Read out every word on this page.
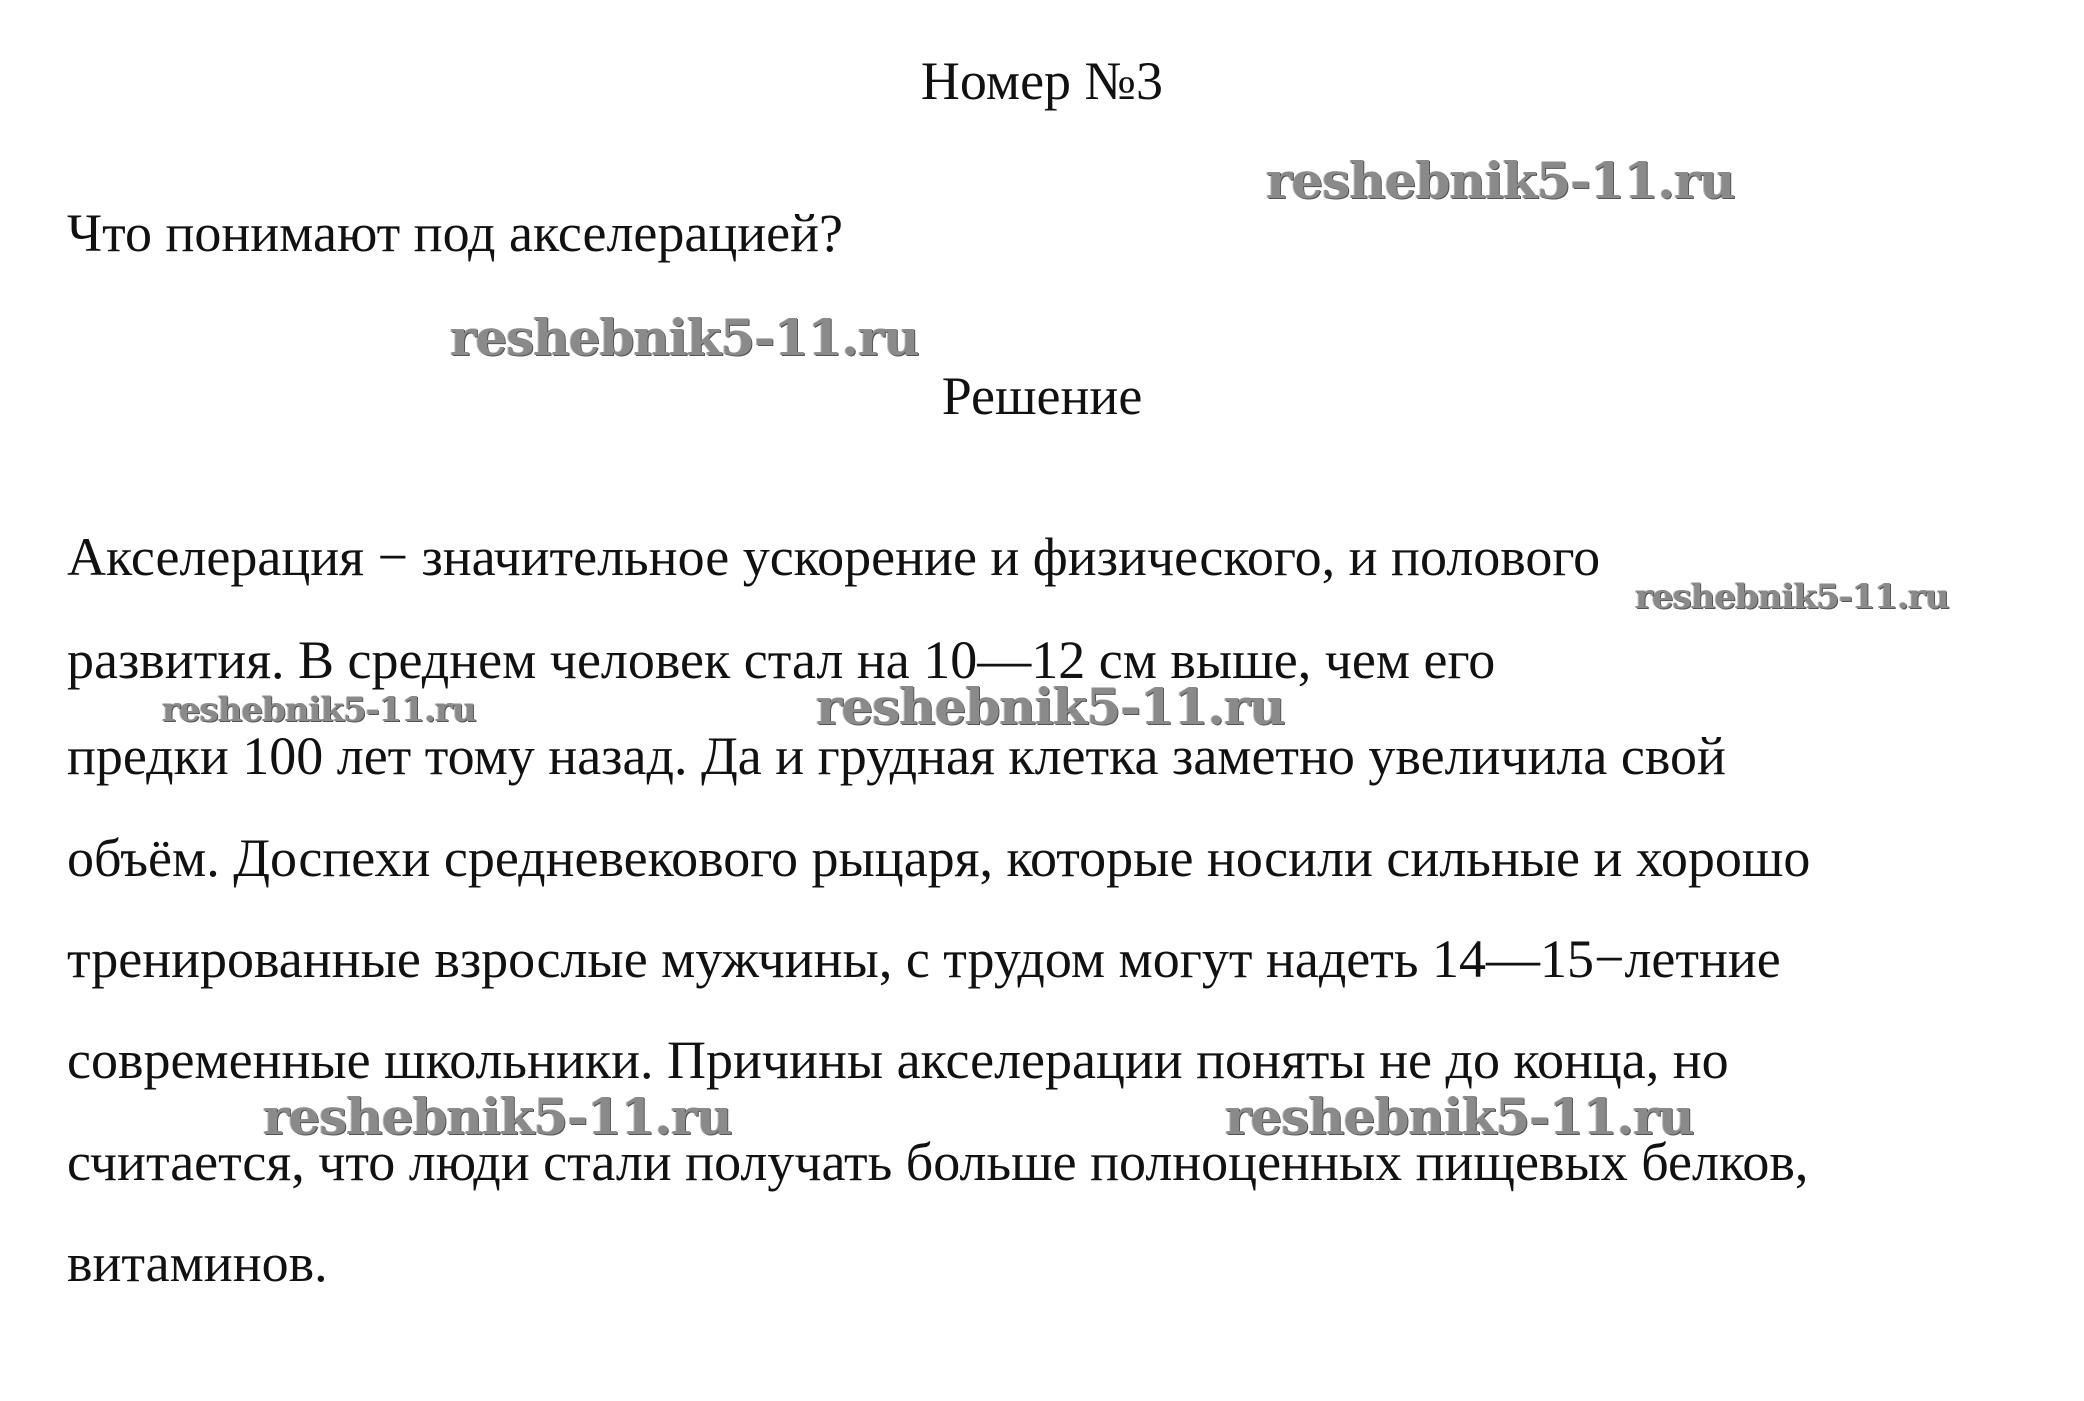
Номер №3
reshebnik5-11.ru
Что понимают под акселерацией?
reshebnik5-11.ru
Решение
Акселерация − значительное ускорение и физического, и полового
reshebnik5-11.ru
развития. В среднем человек стал на 10—12 см выше, чем его
reshebnik5-11.ru	reshebnik5-11.ru
предки 100 лет тому назад. Да и грудная клетка заметно увеличила свой
объём. Доспехи средневекового рыцаря, которые носили сильные и хорошо
тренированные взрослые мужчины, с трудом могут надеть 14—15−летние
современные школьники. Причины акселерации поняты не до конца, но
reshebnik5-11.ru	reshebnik5-11.ru
считается, что люди стали получать больше полноценных пищевых белков,
витаминов.
